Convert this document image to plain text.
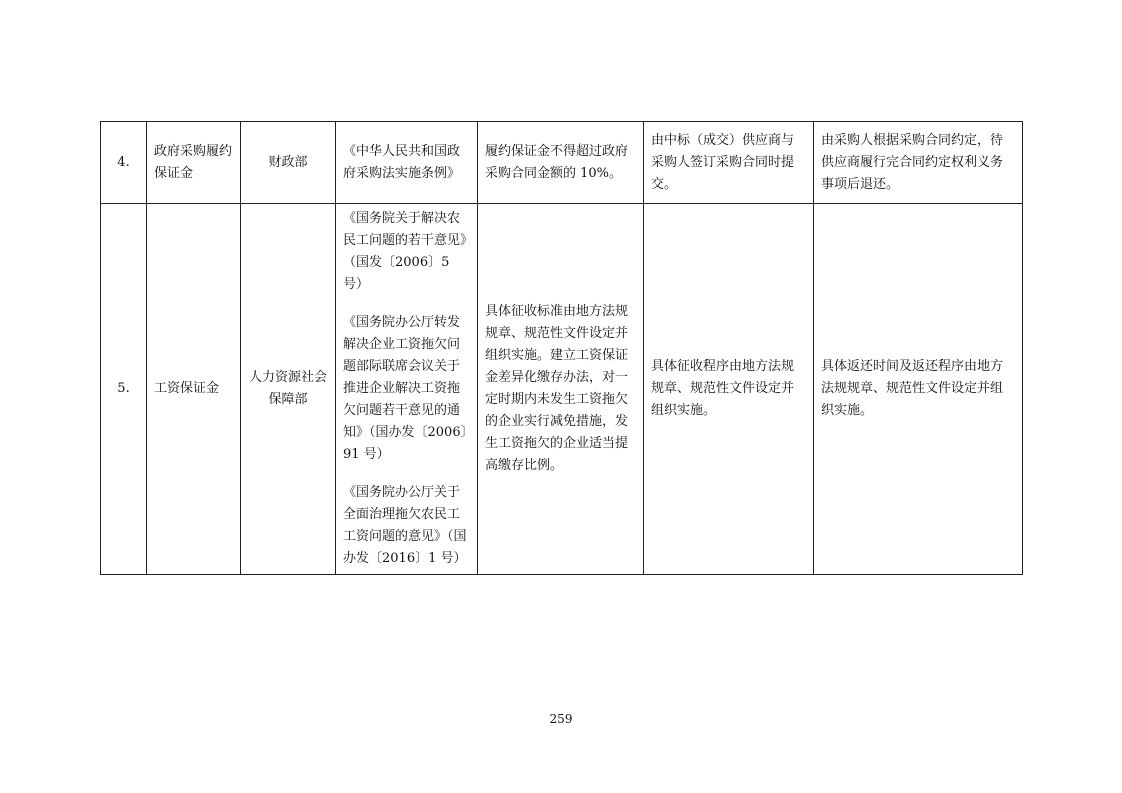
4.	政府采购履约保证金	财政部	《中华人民共和国政府采购法实施条例》	履约保证金不得超过政府采购合同金额的 10%。	由中标（成交）供应商与采购人签订采购合同时提交。	由采购人根据采购合同约定，待供应商履行完合同约定权利义务事项后退还。
5.	工资保证金	人力资源社会保障部	《国务院关于解决农民工问题的若干意见》（国发〔2006〕5 号）

《国务院办公厅转发解决企业工资拖欠问题部际联席会议关于推进企业解决工资拖欠问题若干意见的通知》（国办发〔2006〕91 号）

《国务院办公厅关于全面治理拖欠农民工工资问题的意见》（国办发〔2016〕1 号）	具体征收标准由地方法规规章、规范性文件设定并组织实施。建立工资保证金差异化缴存办法，对一定时期内未发生工资拖欠的企业实行减免措施，发生工资拖欠的企业适当提高缴存比例。	具体征收程序由地方法规规章、规范性文件设定并组织实施。	具体返还时间及返还程序由地方法规规章、规范性文件设定并组织实施。
259
